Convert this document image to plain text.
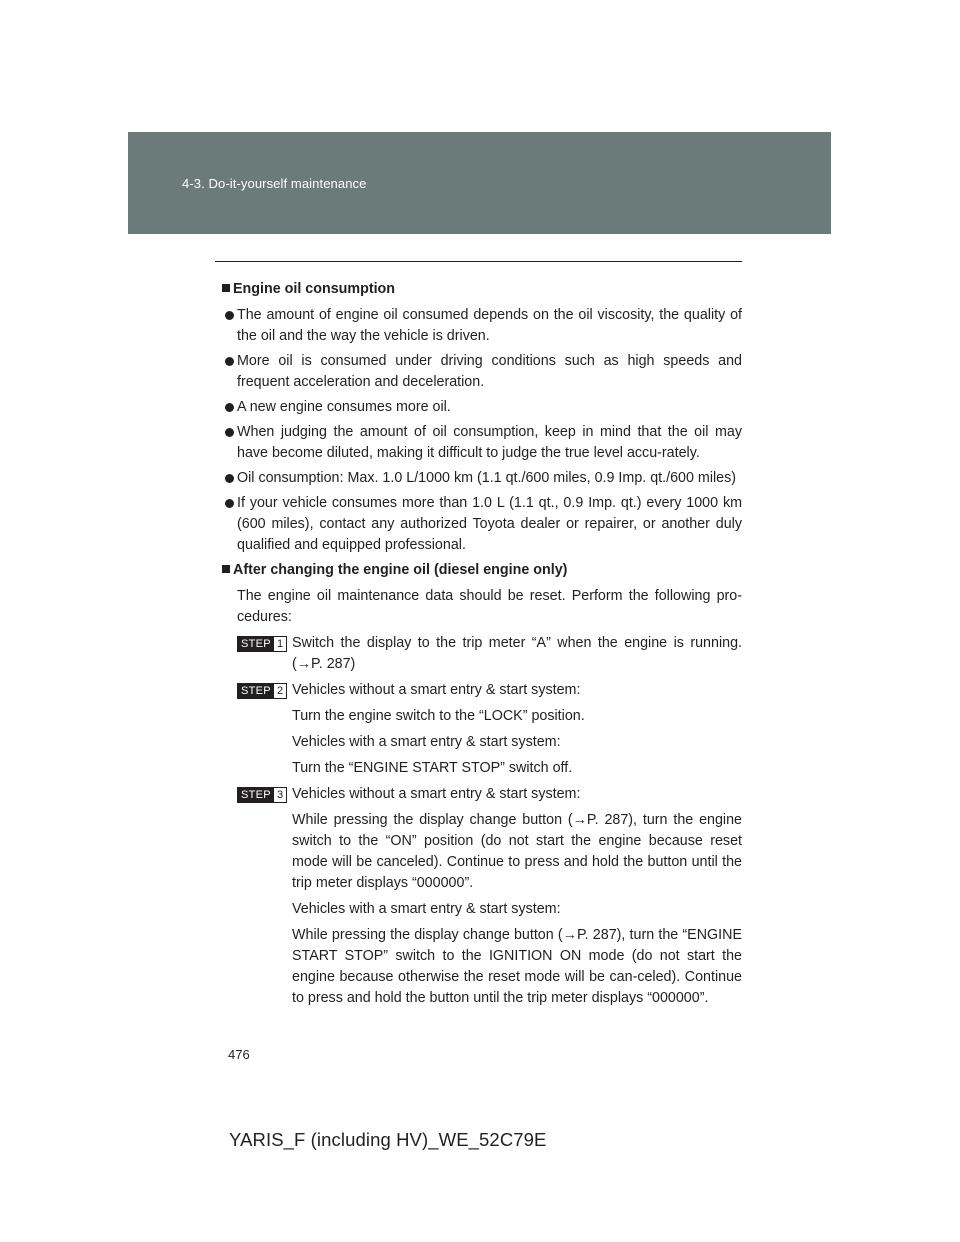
4-3. Do-it-yourself maintenance
Engine oil consumption
The amount of engine oil consumed depends on the oil viscosity, the quality of the oil and the way the vehicle is driven.
More oil is consumed under driving conditions such as high speeds and frequent acceleration and deceleration.
A new engine consumes more oil.
When judging the amount of oil consumption, keep in mind that the oil may have become diluted, making it difficult to judge the true level accu-rately.
Oil consumption: Max. 1.0 L/1000 km (1.1 qt./600 miles, 0.9 Imp. qt./600 miles)
If your vehicle consumes more than 1.0 L (1.1 qt., 0.9 Imp. qt.) every 1000 km (600 miles), contact any authorized Toyota dealer or repairer, or another duly qualified and equipped professional.
After changing the engine oil (diesel engine only)
The engine oil maintenance data should be reset. Perform the following pro-cedures:
STEP 1 Switch the display to the trip meter “A” when the engine is running. (→P. 287)
STEP 2 Vehicles without a smart entry & start system:
Turn the engine switch to the “LOCK” position.
Vehicles with a smart entry & start system:
Turn the “ENGINE START STOP” switch off.
STEP 3 Vehicles without a smart entry & start system:
While pressing the display change button (→P. 287), turn the engine switch to the “ON” position (do not start the engine because reset mode will be canceled). Continue to press and hold the button until the trip meter displays “000000”.
Vehicles with a smart entry & start system:
While pressing the display change button (→P. 287), turn the “ENGINE START STOP” switch to the IGNITION ON mode (do not start the engine because otherwise the reset mode will be can-celed). Continue to press and hold the button until the trip meter displays “000000”.
476
YARIS_F (including HV)_WE_52C79E
